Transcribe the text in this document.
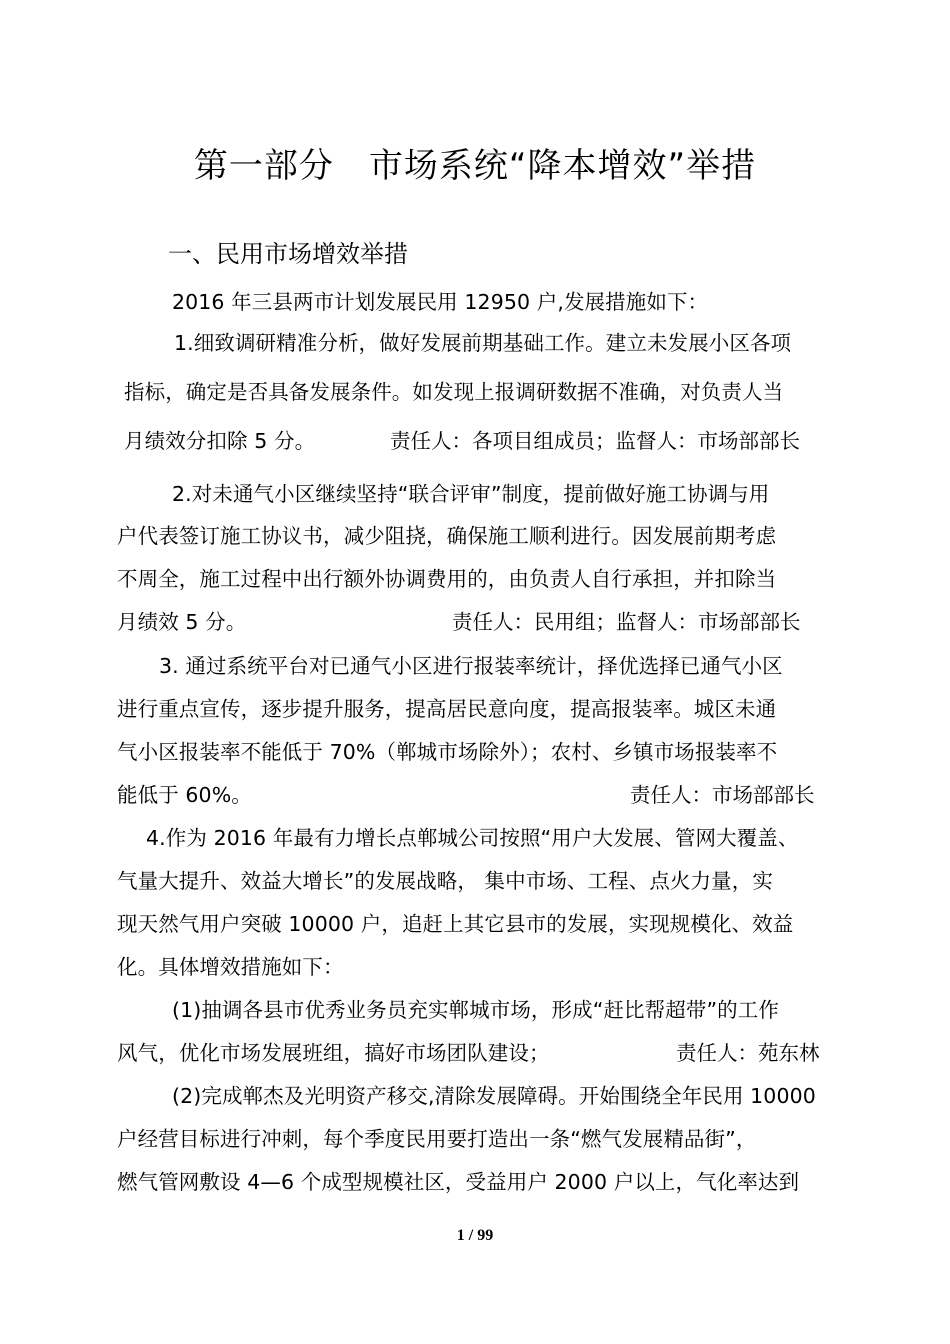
第一部分　市场系统“降本增效”举措
一、民用市场增效举措
2016 年三县两市计划发展民用 12950 户,发展措施如下：
1.细致调研精准分析，做好发展前期基础工作。建立未发展小区各项
指标，确定是否具备发展条件。如发现上报调研数据不准确，对负责人当
月绩效分扣除 5 分。	责任人：各项目组成员；监督人：市场部部长
2.对未通气小区继续坚持“联合评审”制度，提前做好施工协调与用
户代表签订施工协议书，减少阻挠，确保施工顺利进行。因发展前期考虑
不周全，施工过程中出行额外协调费用的，由负责人自行承担，并扣除当
月绩效 5 分。	责任人：民用组；监督人：市场部部长
3. 通过系统平台对已通气小区进行报装率统计，择优选择已通气小区
进行重点宣传，逐步提升服务，提高居民意向度，提高报装率。城区未通
气小区报装率不能低于 70%（郸城市场除外）；农村、乡镇市场报装率不
能低于 60%。	责任人：市场部部长
4.作为 2016 年最有力增长点郸城公司按照“用户大发展、管网大覆盖、
气量大提升、效益大增长”的发展战略， 集中市场、工程、点火力量，实
现天然气用户突破 10000 户，追赶上其它县市的发展，实现规模化、效益
化。具体增效措施如下：
(1)抽调各县市优秀业务员充实郸城市场，形成“赶比帮超带”的工作
风气，优化市场发展班组，搞好市场团队建设；	责任人：苑东林
(2)完成郸杰及光明资产移交,清除发展障碍。开始围绕全年民用 10000
户经营目标进行冲刺，每个季度民用要打造出一条“燃气发展精品街”，
燃气管网敷设 4—6 个成型规模社区，受益用户 2000 户以上，气化率达到
1 / 99
